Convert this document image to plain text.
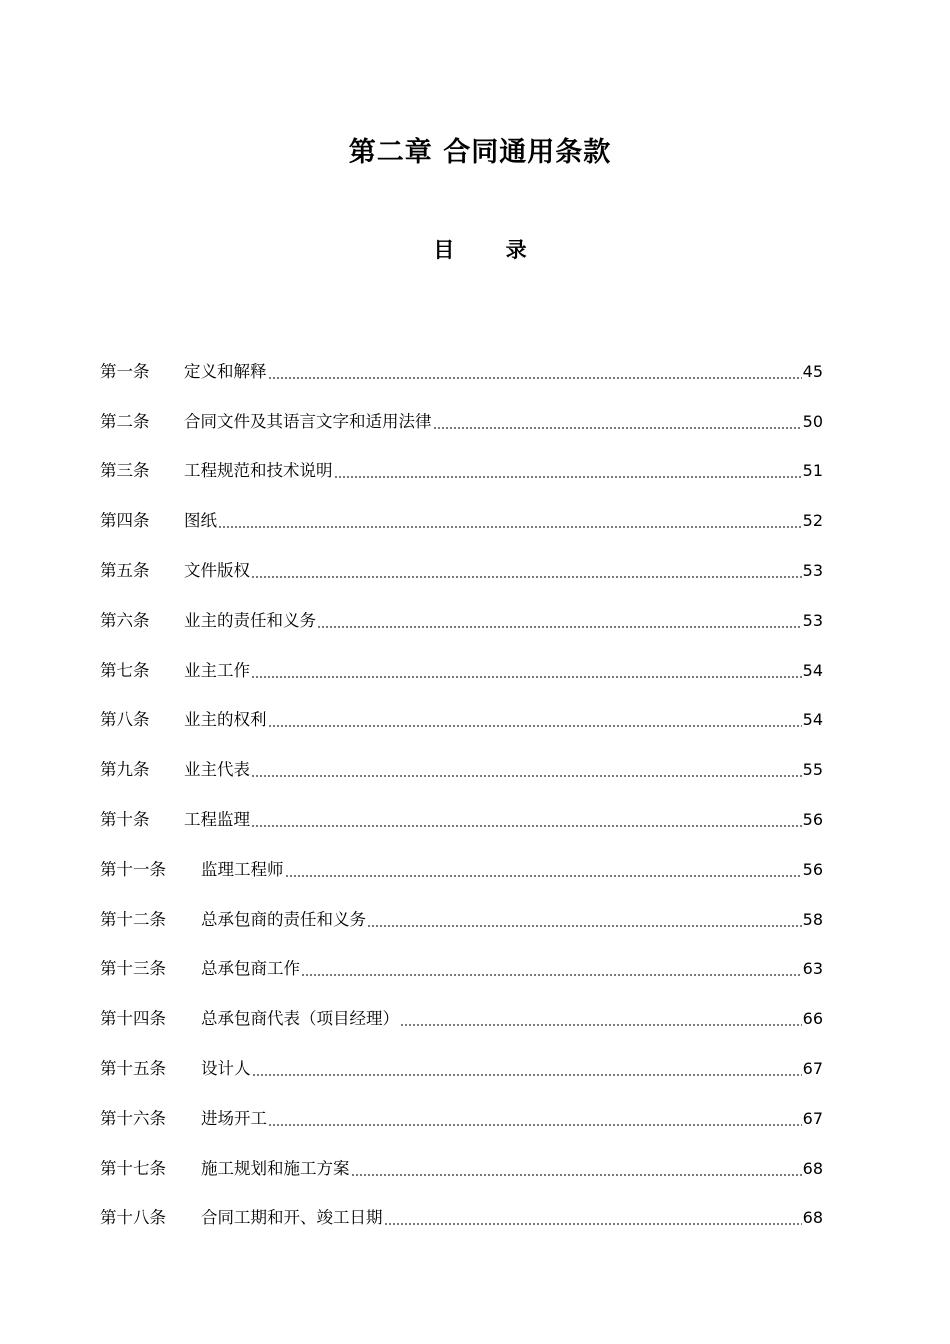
第二章 合同通用条款
目 录
第一条	定义和解释	45
第二条	合同文件及其语言文字和适用法律	50
第三条	工程规范和技术说明	51
第四条	图纸	52
第五条	文件版权	53
第六条	业主的责任和义务	53
第七条	业主工作	54
第八条	业主的权利	54
第九条	业主代表	55
第十条	工程监理	56
第十一条	监理工程师	56
第十二条	总承包商的责任和义务	58
第十三条	总承包商工作	63
第十四条	总承包商代表（项目经理）	66
第十五条	设计人	67
第十六条	进场开工	67
第十七条	施工规划和施工方案	68
第十八条	合同工期和开、竣工日期	68
